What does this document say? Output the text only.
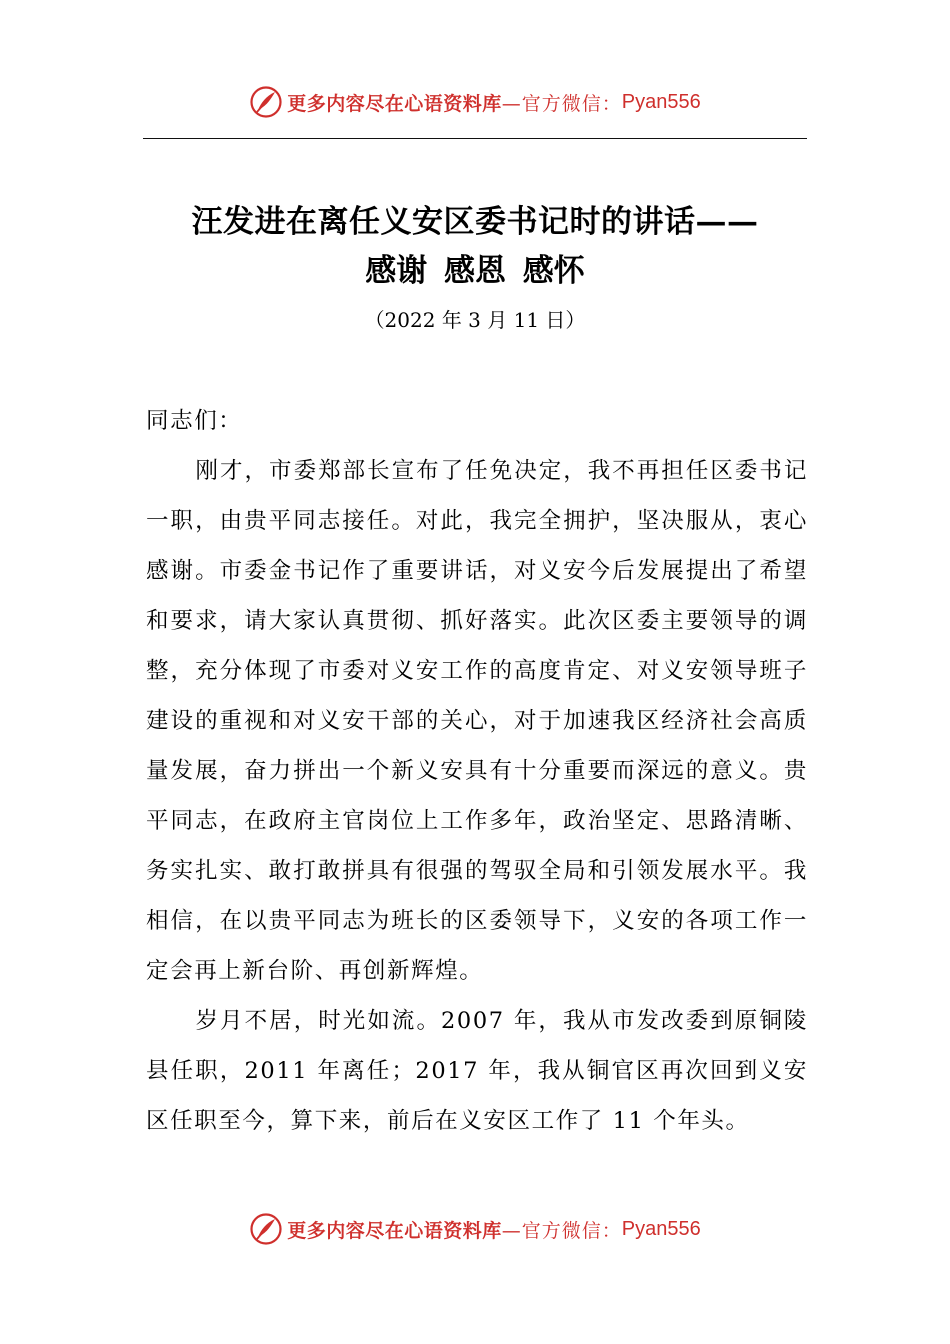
更多内容尽在心语资料库 —官方微信： Pyan556
汪发进在离任义安区委书记时的讲话——
感谢 感恩 感怀
（2022 年 3 月 11 日）

同志们：

刚才，市委郑部长宣布了任免决定，我不再担任区委书记一职，由贵平同志接任。对此，我完全拥护，坚决服从，衷心感谢。市委金书记作了重要讲话，对义安今后发展提出了希望和要求，请大家认真贯彻、抓好落实。此次区委主要领导的调整，充分体现了市委对义安工作的高度肯定、对义安领导班子建设的重视和对义安干部的关心，对于加速我区经济社会高质量发展，奋力拼出一个新义安具有十分重要而深远的意义。贵平同志，在政府主官岗位上工作多年，政治坚定、思路清晰、务实扎实、敢打敢拼具有很强的驾驭全局和引领发展水平。我相信，在以贵平同志为班长的区委领导下，义安的各项工作一定会再上新台阶、再创新辉煌。

岁月不居，时光如流。2007 年，我从市发改委到原铜陵县任职，2011 年离任；2017 年，我从铜官区再次回到义安区任职至今，算下来，前后在义安区工作了 11 个年头。

更多内容尽在心语资料库 —官方微信： Pyan556
